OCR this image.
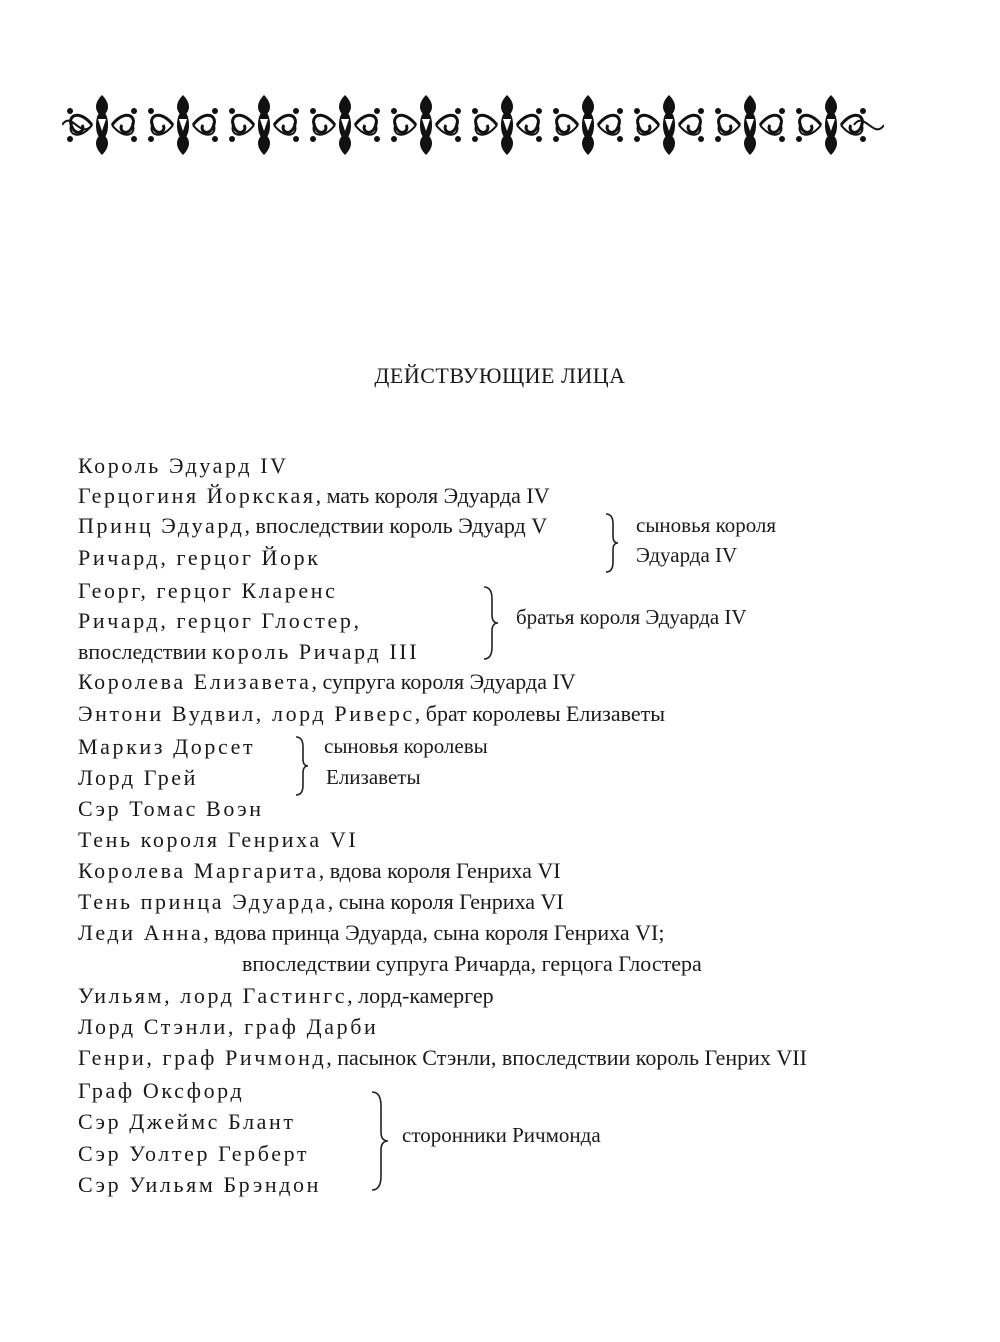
ДЕЙСТВУЮЩИЕ ЛИЦА
Король Эдуард IV
Герцогиня Йоркская, мать короля Эдуарда IV
Принц Эдуард, впоследствии король Эдуард V
Ричард, герцог Йорк
Георг, герцог Кларенс
Ричард, герцог Глостер,
впоследствии король Ричард III
Королева Елизавета, супруга короля Эдуарда IV
Энтони Вудвил, лорд Риверс, брат королевы Елизаветы
Маркиз Дорсет
Лорд Грей
Сэр Томас Воэн
Тень короля Генриха VI
Королева Маргарита, вдова короля Генриха VI
Тень принца Эдуарда, сына короля Генриха VI
Леди Анна, вдова принца Эдуарда, сына короля Генриха VI;
впоследствии супруга Ричарда, герцога Глостера
Уильям, лорд Гастингс, лорд-камергер
Лорд Стэнли, граф Дарби
Генри, граф Ричмонд, пасынок Стэнли, впоследствии король Генрих VII
Граф Оксфорд
Сэр Джеймс Блант
Сэр Уолтер Герберт
Сэр Уильям Брэндон
сыновья короля
Эдуарда IV
братья короля Эдуарда IV
сыновья королевы
Елизаветы
сторонники Ричмонда
